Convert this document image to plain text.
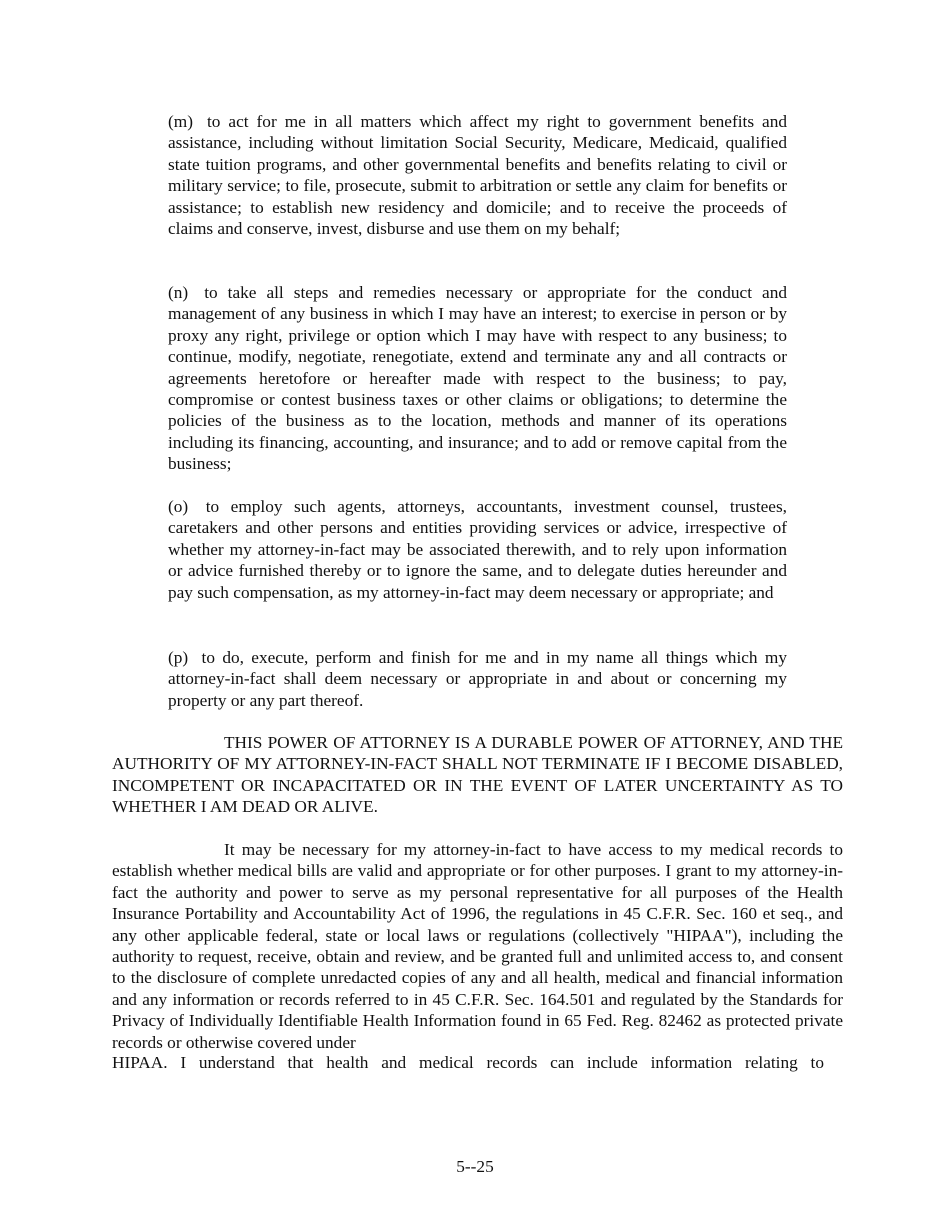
(m) to act for me in all matters which affect my right to government benefits and assistance, including without limitation Social Security, Medicare, Medicaid, qualified state tuition programs, and other governmental benefits and benefits relating to civil or military service; to file, prosecute, submit to arbitration or settle any claim for benefits or assistance; to establish new residency and domicile; and to receive the proceeds of claims and conserve, invest, disburse and use them on my behalf;

(n) to take all steps and remedies necessary or appropriate for the conduct and management of any business in which I may have an interest; to exercise in person or by proxy any right, privilege or option which I may have with respect to any business; to continue, modify, negotiate, renegotiate, extend and terminate any and all contracts or agreements heretofore or hereafter made with respect to the business; to pay, compromise or contest business taxes or other claims or obligations; to determine the policies of the business as to the location, methods and manner of its operations including its financing, accounting, and insurance; and to add or remove capital from the business;

(o) to employ such agents, attorneys, accountants, investment counsel, trustees, caretakers and other persons and entities providing services or advice, irrespective of whether my attorney-in-fact may be associated therewith, and to rely upon information or advice furnished thereby or to ignore the same, and to delegate duties hereunder and pay such compensation, as my attorney-in-fact may deem necessary or appropriate; and

(p) to do, execute, perform and finish for me and in my name all things which my attorney-in-fact shall deem necessary or appropriate in and about or concerning my property or any part thereof.

THIS POWER OF ATTORNEY IS A DURABLE POWER OF ATTORNEY, AND THE AUTHORITY OF MY ATTORNEY-IN-FACT SHALL NOT TERMINATE IF I BECOME DISABLED, INCOMPETENT OR INCAPACITATED OR IN THE EVENT OF LATER UNCERTAINTY AS TO WHETHER I AM DEAD OR ALIVE.

It may be necessary for my attorney-in-fact to have access to my medical records to establish whether medical bills are valid and appropriate or for other purposes. I grant to my attorney-in-fact the authority and power to serve as my personal representative for all purposes of the Health Insurance Portability and Accountability Act of 1996, the regulations in 45 C.F.R. Sec. 160 et seq., and any other applicable federal, state or local laws or regulations (collectively "HIPAA"), including the authority to request, receive, obtain and review, and be granted full and unlimited access to, and consent to the disclosure of complete unredacted copies of any and all health, medical and financial information and any information or records referred to in 45 C.F.R. Sec. 164.501 and regulated by the Standards for Privacy of Individually Identifiable Health Information found in 65 Fed. Reg. 82462 as protected private records or otherwise covered under

HIPAA. I understand that health and medical records can include information relating to

5--25
